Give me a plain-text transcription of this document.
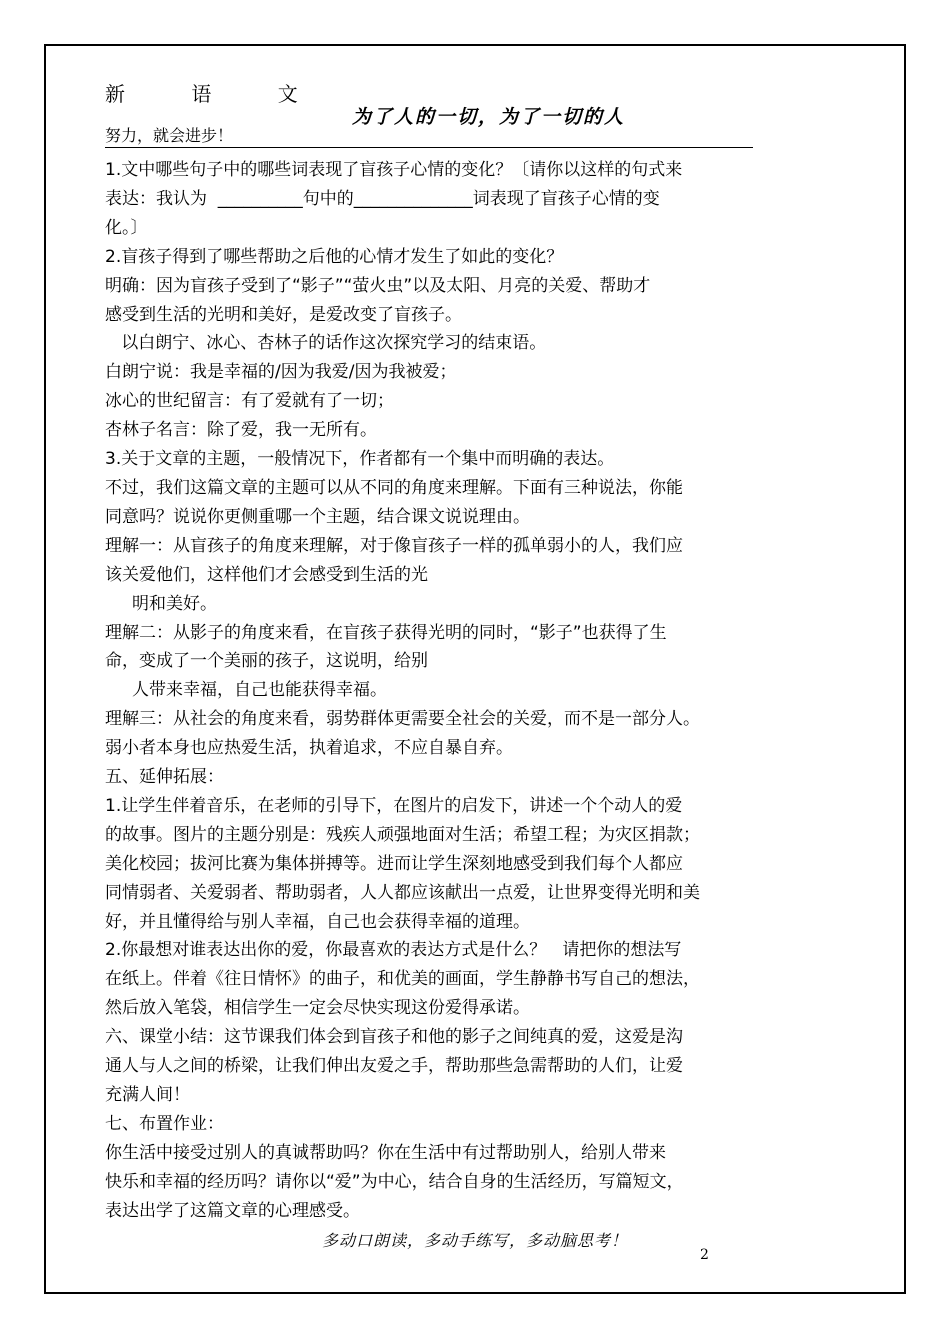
新 语 文
为了人的一切，为了一切的人
努力，就会进步！

1.文中哪些句子中的哪些词表现了盲孩子心情的变化？〔请你以这样的句式来

表达：我认为  __________句中的______________词表现了盲孩子心情的变

化。〕

2.盲孩子得到了哪些帮助之后他的心情才发生了如此的变化？

明确：因为盲孩子受到了“影子”“萤火虫”以及太阳、月亮的关爱、帮助才

感受到生活的光明和美好，是爱改变了盲孩子。

以白朗宁、冰心、杏林子的话作这次探究学习的结束语。

白朗宁说：我是幸福的/因为我爱/因为我被爱；

冰心的世纪留言：有了爱就有了一切；

杏林子名言：除了爱，我一无所有。

3.关于文章的主题，一般情况下，作者都有一个集中而明确的表达。

不过，我们这篇文章的主题可以从不同的角度来理解。下面有三种说法，你能

同意吗？说说你更侧重哪一个主题，结合课文说说理由。

理解一：从盲孩子的角度来理解，对于像盲孩子一样的孤单弱小的人，我们应

该关爱他们，这样他们才会感受到生活的光

明和美好。

理解二：从影子的角度来看，在盲孩子获得光明的同时，“影子”也获得了生

命，变成了一个美丽的孩子，这说明，给别

人带来幸福，自己也能获得幸福。

理解三：从社会的角度来看，弱势群体更需要全社会的关爱，而不是一部分人。

弱小者本身也应热爱生活，执着追求，不应自暴自弃。

五、延伸拓展：

1.让学生伴着音乐，在老师的引导下，在图片的启发下，讲述一个个动人的爱

的故事。图片的主题分别是：残疾人顽强地面对生活；希望工程；为灾区捐款；

美化校园；拔河比赛为集体拼搏等。进而让学生深刻地感受到我们每个人都应

同情弱者、关爱弱者、帮助弱者，人人都应该献出一点爱，让世界变得光明和美

好，并且懂得给与别人幸福，自己也会获得幸福的道理。

2.你最想对谁表达出你的爱，你最喜欢的表达方式是什么？   请把你的想法写

在纸上。伴着《往日情怀》的曲子，和优美的画面，学生静静书写自己的想法，

然后放入笔袋，相信学生一定会尽快实现这份爱得承诺。

六、课堂小结：这节课我们体会到盲孩子和他的影子之间纯真的爱，这爱是沟

通人与人之间的桥梁，让我们伸出友爱之手，帮助那些急需帮助的人们，让爱

充满人间！

七、布置作业：

你生活中接受过别人的真诚帮助吗？你在生活中有过帮助别人，给别人带来

快乐和幸福的经历吗？请你以“爱”为中心，结合自身的生活经历，写篇短文，

表达出学了这篇文章的心理感受。

多动口朗读，多动手练写，多动脑思考！
2
